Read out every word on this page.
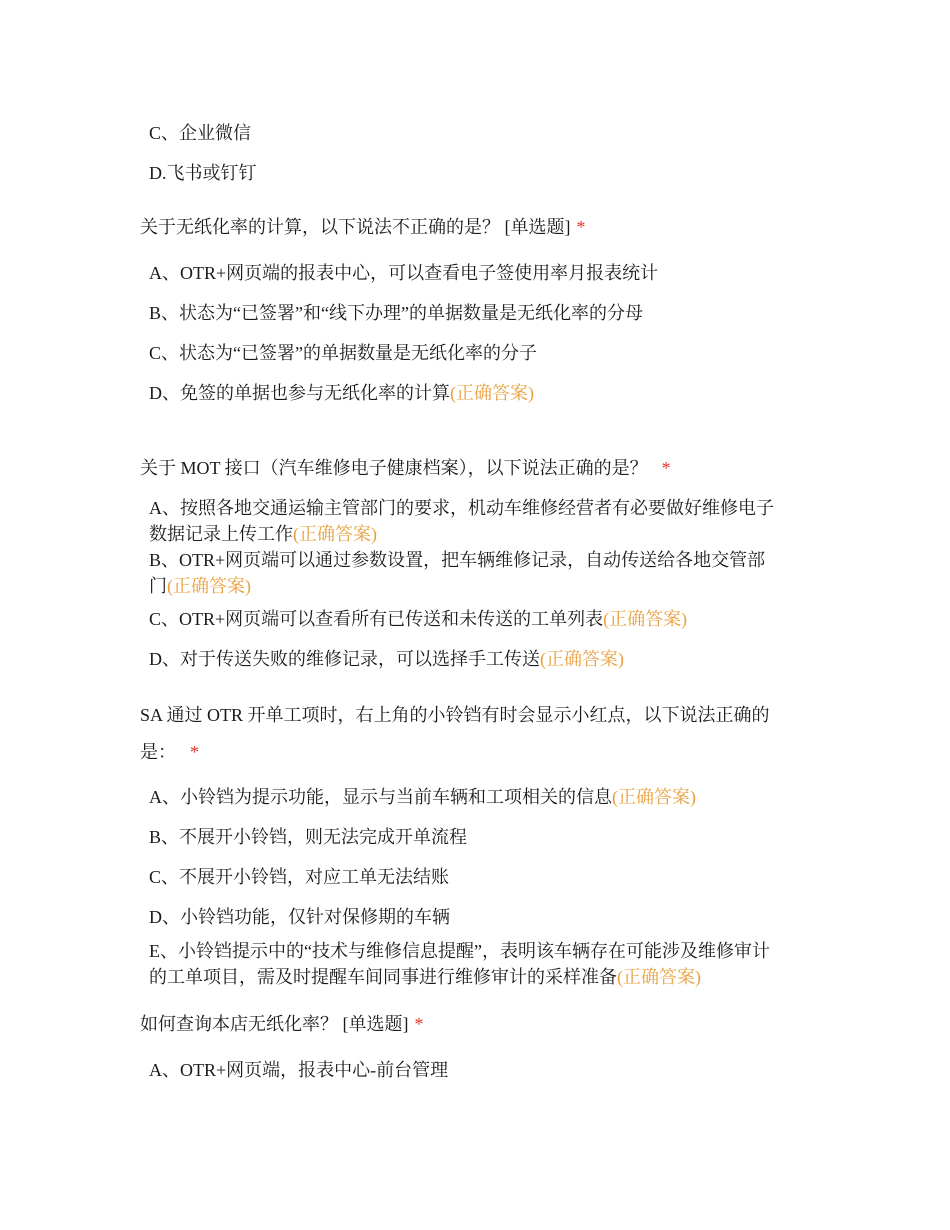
C、企业微信
D.飞书或钉钉
关于无纸化率的计算，以下说法不正确的是？ [单选题] *
A、OTR+网页端的报表中心，可以查看电子签使用率月报表统计
B、状态为“已签署”和“线下办理”的单据数量是无纸化率的分母
C、状态为“已签署”的单据数量是无纸化率的分子
D、免签的单据也参与无纸化率的计算(正确答案)
关于 MOT 接口（汽车维修电子健康档案），以下说法正确的是？ *
A、按照各地交通运输主管部门的要求，机动车维修经营者有必要做好维修电子
数据记录上传工作(正确答案)
B、OTR+网页端可以通过参数设置，把车辆维修记录，自动传送给各地交管部
门(正确答案)
C、OTR+网页端可以查看所有已传送和未传送的工单列表(正确答案)
D、对于传送失败的维修记录，可以选择手工传送(正确答案)
SA 通过 OTR 开单工项时，右上角的小铃铛有时会显示小红点，以下说法正确的
是： *
A、小铃铛为提示功能，显示与当前车辆和工项相关的信息(正确答案)
B、不展开小铃铛，则无法完成开单流程
C、不展开小铃铛，对应工单无法结账
D、小铃铛功能，仅针对保修期的车辆
E、小铃铛提示中的“技术与维修信息提醒”，表明该车辆存在可能涉及维修审计
的工单项目，需及时提醒车间同事进行维修审计的采样准备(正确答案)
如何查询本店无纸化率？ [单选题] *
A、OTR+网页端，报表中心-前台管理
